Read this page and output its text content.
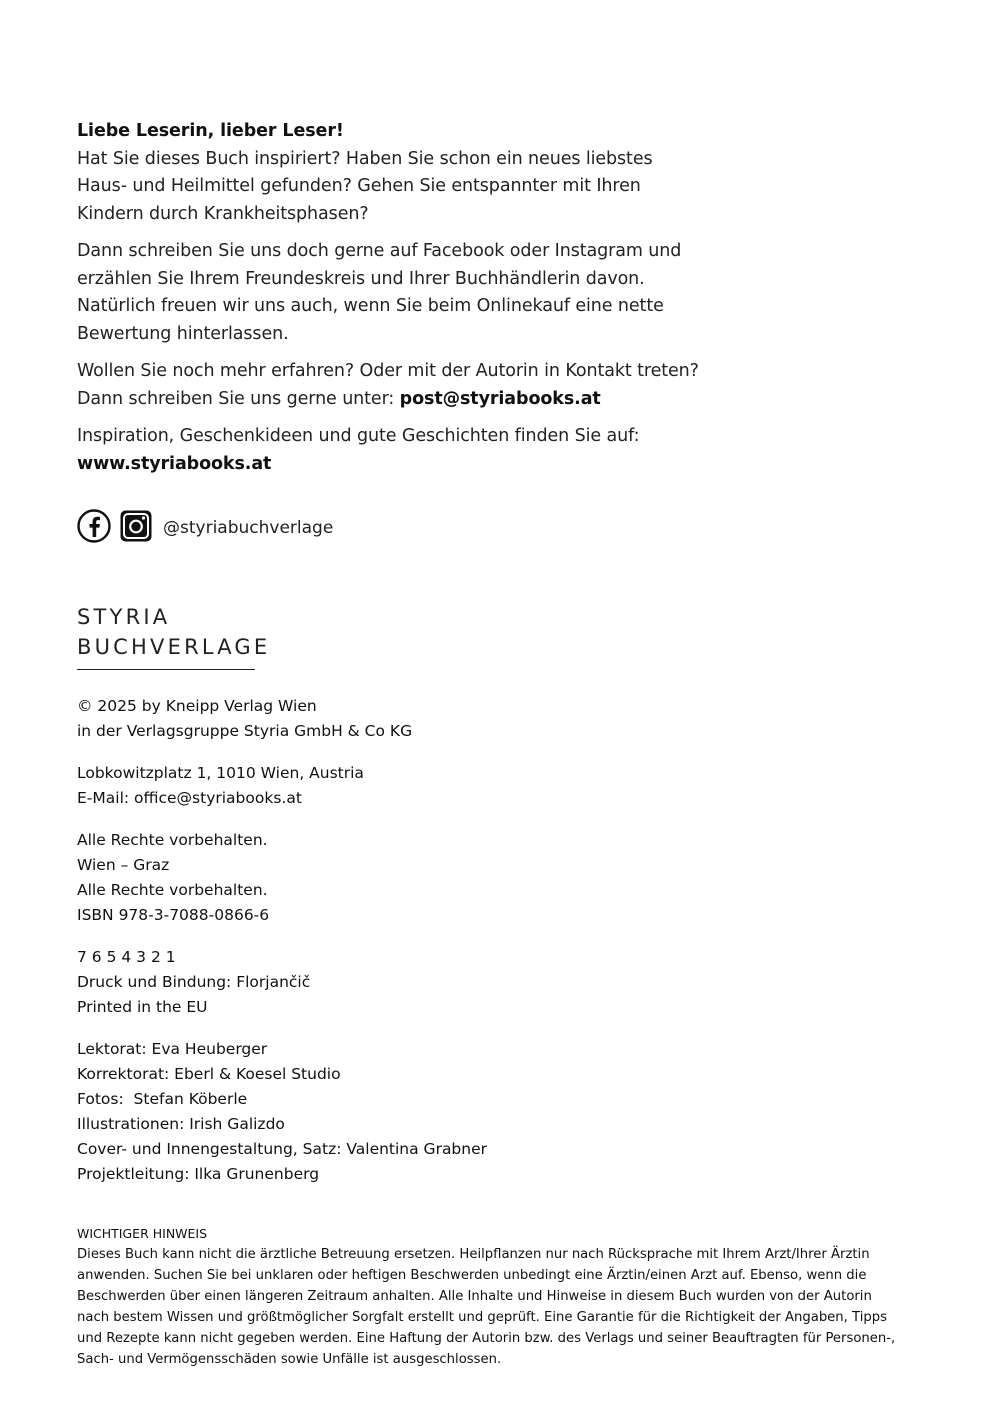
Liebe Leserin, lieber Leser!

Hat Sie dieses Buch inspiriert? Haben Sie schon ein neues liebstes Haus- und Heilmittel gefunden? Gehen Sie entspannter mit Ihren Kindern durch Krankheitsphasen?

Dann schreiben Sie uns doch gerne auf Facebook oder Instagram und erzählen Sie Ihrem Freundeskreis und Ihrer Buchhändlerin davon. Natürlich freuen wir uns auch, wenn Sie beim Onlinekauf eine nette Bewertung hinterlassen.

Wollen Sie noch mehr erfahren? Oder mit der Autorin in Kontakt treten?
Dann schreiben Sie uns gerne unter: post@styriabooks.at

Inspiration, Geschenkideen und gute Geschichten finden Sie auf:
www.styriabooks.at

@styriabuchverlage
STYRIA
BUCHVERLAGE

© 2025 by Kneipp Verlag Wien
in der Verlagsgruppe Styria GmbH & Co KG

Lobkowitzplatz 1, 1010 Wien, Austria
E-Mail: office@styriabooks.at

Alle Rechte vorbehalten.
Wien – Graz
Alle Rechte vorbehalten.
ISBN 978-3-7088-0866-6

7 6 5 4 3 2 1
Druck und Bindung: Florjančič
Printed in the EU

Lektorat: Eva Heuberger
Korrektorat: Eberl & Koesel Studio
Fotos:  Stefan Köberle
Illustrationen: Irish Galizdo
Cover- und Innengestaltung, Satz: Valentina Grabner
Projektleitung: Ilka Grunenberg

WICHTIGER HINWEIS

Dieses Buch kann nicht die ärztliche Betreuung ersetzen. Heilpflanzen nur nach Rücksprache mit Ihrem Arzt/Ihrer Ärztin anwenden. Suchen Sie bei unklaren oder heftigen Beschwerden unbedingt eine Ärztin/einen Arzt auf. Ebenso, wenn die Beschwerden über einen längeren Zeitraum anhalten. Alle Inhalte und Hinweise in diesem Buch wurden von der Autorin nach bestem Wissen und größtmöglicher Sorgfalt erstellt und geprüft. Eine Garantie für die Richtigkeit der Angaben, Tipps und Rezepte kann nicht gegeben werden. Eine Haftung der Autorin bzw. des Verlags und seiner Beauftragten für Personen-, Sach- und Vermögensschäden sowie Unfälle ist ausgeschlossen.
